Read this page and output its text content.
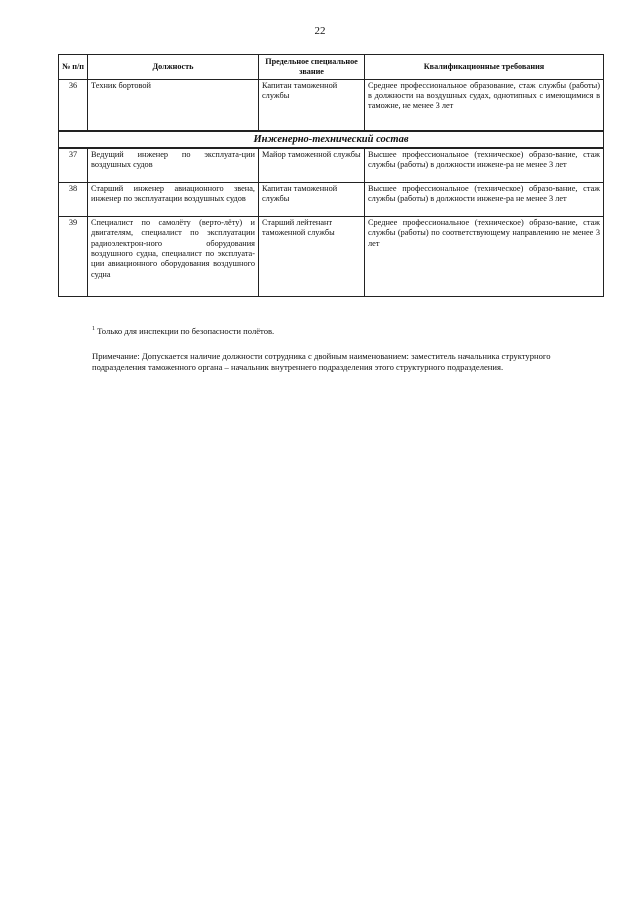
22
№ п/п	Должность	Предельное специальное звание	Квалификационные требования
36	Техник бортовой	Капитан таможенной службы	Среднее профессиональное образование, стаж службы (работы) в должности на воздушных судах, однотипных с имеющимися в таможне, не менее 3 лет
Инженерно-технический состав			
37	Ведущий инженер по эксплуата-ции воздушных судов	Майор таможенной службы	Высшее профессиональное (техническое) образо-вание, стаж службы (работы) в должности инжене-ра не менее 3 лет
38	Старший инженер авиационного звена, инженер по эксплуатации воздушных судов	Капитан таможенной службы	Высшее профессиональное (техническое) образо-вание, стаж службы (работы) в должности инжене-ра не менее 3 лет
39	Специалист по самолёту (верто-лёту) и двигателям, специалист по эксплуатации радиоэлектрон-ного оборудования воздушного судна, специалист по эксплуата-ции авиационного оборудования воздушного судна	Старший лейтенант таможенной службы	Среднее профессиональное (техническое) образо-вание, стаж службы (работы) по соответствующему направлению не менее 3 лет
$^1$ Только для инспекции по безопасности полётов.
Примечание: Допускается наличие должности сотрудника с двойным наименованием: заместитель начальника структурного подразделения таможенного органа – начальник внутреннего подразделения этого структурного подразделения.
